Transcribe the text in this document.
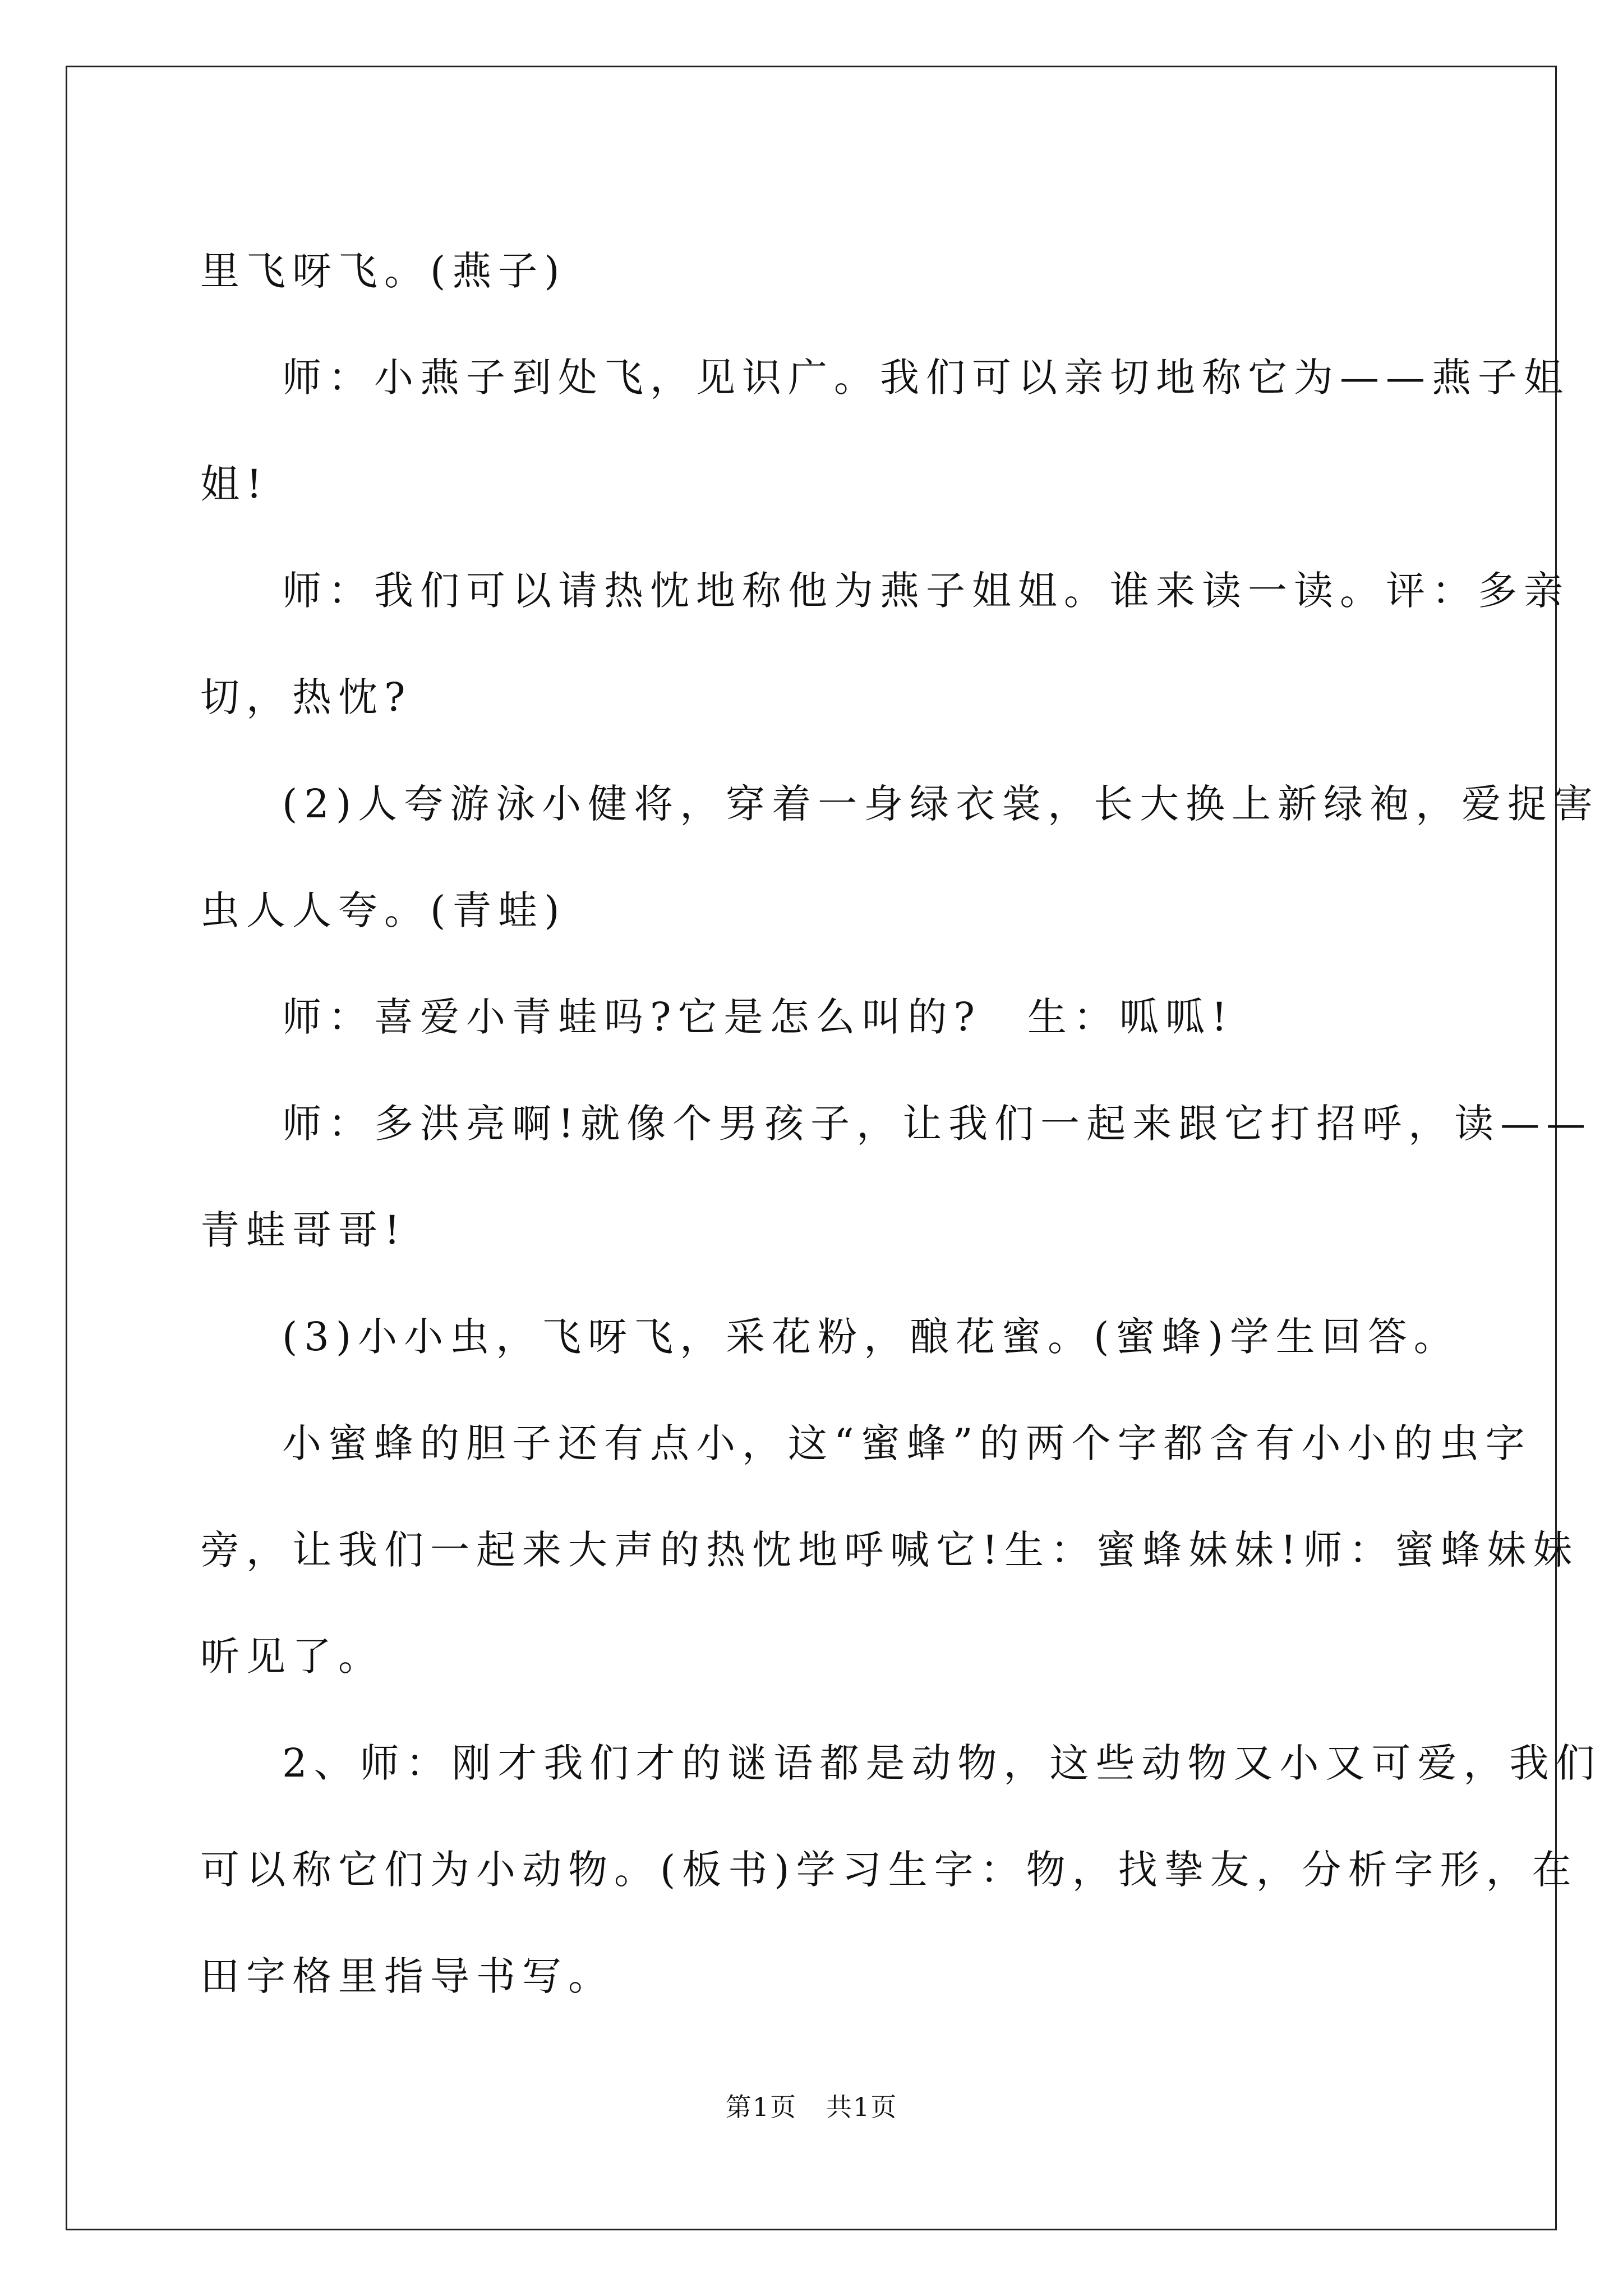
里飞呀飞。(燕子)
师：小燕子到处飞，见识广。我们可以亲切地称它为——燕子姐
姐!
师：我们可以请热忱地称他为燕子姐姐。谁来读一读。评：多亲
切，热忱?
(2)人夸游泳小健将，穿着一身绿衣裳，长大换上新绿袍，爱捉害
虫人人夸。(青蛙)
师：喜爱小青蛙吗?它是怎么叫的?　生：呱呱!
师：多洪亮啊!就像个男孩子，让我们一起来跟它打招呼，读——
青蛙哥哥!
(3)小小虫，飞呀飞，采花粉，酿花蜜。(蜜蜂)学生回答。
小蜜蜂的胆子还有点小，这“蜜蜂”的两个字都含有小小的虫字
旁，让我们一起来大声的热忱地呼喊它!生：蜜蜂妹妹!师：蜜蜂妹妹
听见了。
2、师：刚才我们才的谜语都是动物，这些动物又小又可爱，我们
可以称它们为小动物。(板书)学习生字：物，找挚友，分析字形，在
田字格里指导书写。
第1页 共1页
